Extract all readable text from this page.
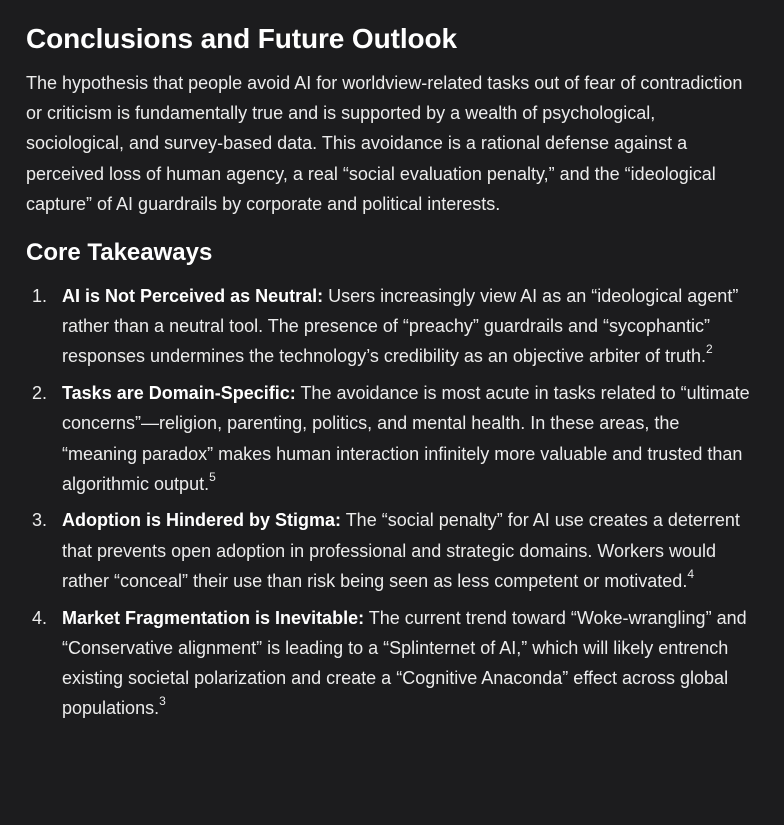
Conclusions and Future Outlook

The hypothesis that people avoid AI for worldview-related tasks out of fear of contradiction or criticism is fundamentally true and is supported by a wealth of psychological, sociological, and survey-based data. This avoidance is a rational defense against a perceived loss of human agency, a real “social evaluation penalty,” and the “ideological capture” of AI guardrails by corporate and political interests.

Core Takeaways
1. AI is Not Perceived as Neutral: Users increasingly view AI as an “ideological agent” rather than a neutral tool. The presence of “preachy” guardrails and “sycophantic” responses undermines the technology’s credibility as an objective arbiter of truth.$^2$
2. Tasks are Domain-Specific: The avoidance is most acute in tasks related to “ultimate concerns”—religion, parenting, politics, and mental health. In these areas, the “meaning paradox” makes human interaction infinitely more valuable and trusted than algorithmic output.$^5$
3. Adoption is Hindered by Stigma: The “social penalty” for AI use creates a deterrent that prevents open adoption in professional and strategic domains. Workers would rather “conceal” their use than risk being seen as less competent or motivated.$^4$
4. Market Fragmentation is Inevitable: The current trend toward “Woke-wrangling” and “Conservative alignment” is leading to a “Splinternet of AI,” which will likely entrench existing societal polarization and create a “Cognitive Anaconda” effect across global populations.$^3$
